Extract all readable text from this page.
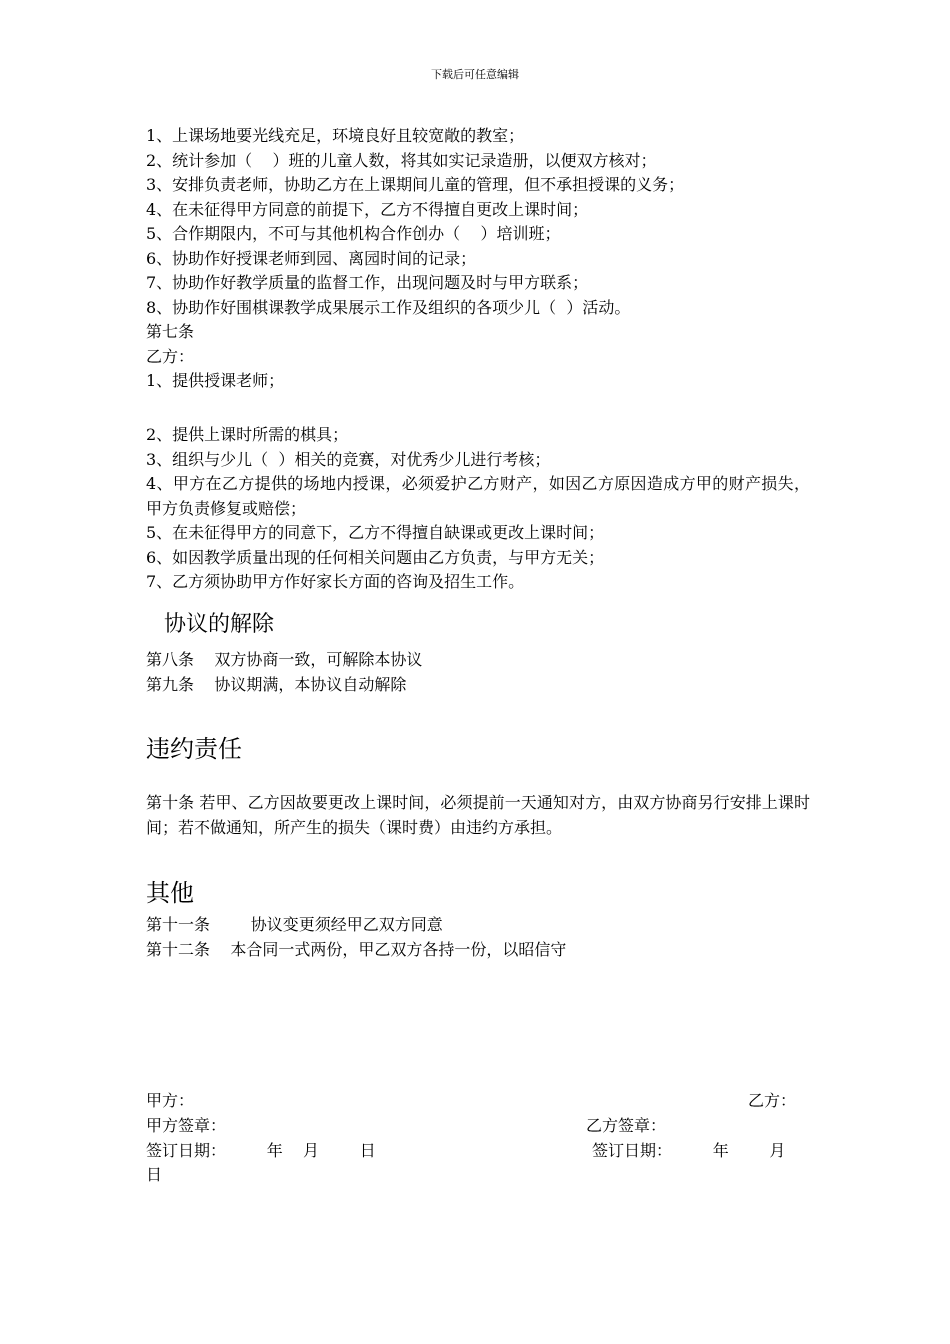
下载后可任意编辑
1、上课场地要光线充足，环境良好且较宽敞的教室；
2、统计参加（    ）班的儿童人数，将其如实记录造册，以便双方核对；
3、安排负责老师，协助乙方在上课期间儿童的管理，但不承担授课的义务；
4、在未征得甲方同意的前提下，乙方不得擅自更改上课时间；
5、合作期限内，不可与其他机构合作创办（    ）培训班；
6、协助作好授课老师到园、离园时间的记录；
7、协助作好教学质量的监督工作，出现问题及时与甲方联系；
8、协助作好围棋课教学成果展示工作及组织的各项少儿（  ）活动。
第七条
乙方：
1、提供授课老师；
2、提供上课时所需的棋具；
3、组织与少儿（  ）相关的竞赛，对优秀少儿进行考核；
4、甲方在乙方提供的场地内授课，必须爱护乙方财产，如因乙方原因造成方甲的财产损失，甲方负责修复或赔偿；
5、在未征得甲方的同意下，乙方不得擅自缺课或更改上课时间；
6、如因教学质量出现的任何相关问题由乙方负责，与甲方无关；
7、乙方须协助甲方作好家长方面的咨询及招生工作。
协议的解除
第八条    双方协商一致，可解除本协议
第九条    协议期满，本协议自动解除
违约责任
第十条 若甲、乙方因故要更改上课时间，必须提前一天通知对方，由双方协商另行安排上课时间；若不做通知，所产生的损失（课时费）由违约方承担。
其他
第十一条        协议变更须经甲乙双方同意
第十二条    本合同一式两份，甲乙双方各持一份，以昭信守
甲方：	乙方：
甲方签章：	乙方签章：
签订日期：        年    月        日	签订日期：        年        月
日
